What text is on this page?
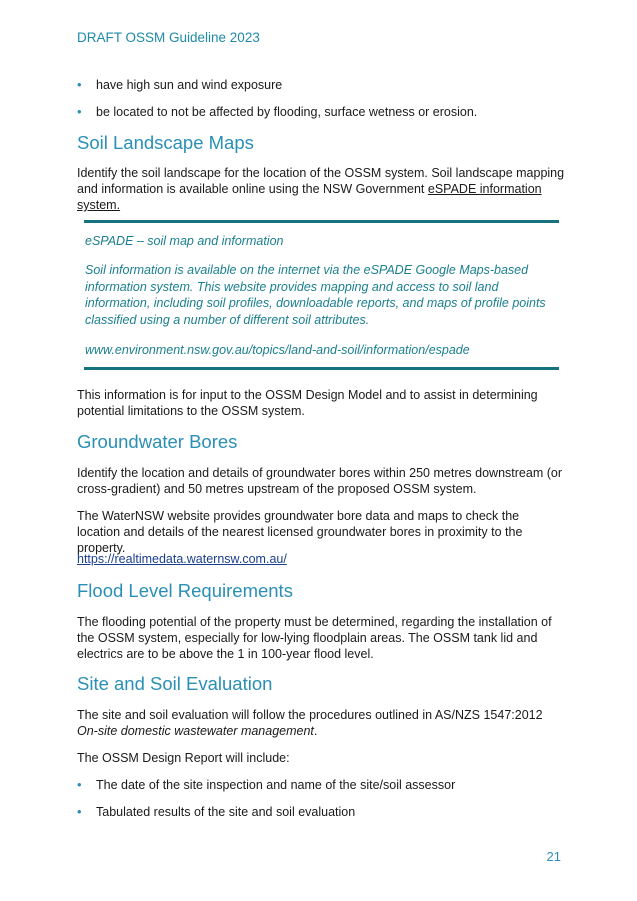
DRAFT OSSM Guideline 2023
• have high sun and wind exposure
• be located to not be affected by flooding, surface wetness or erosion.
Soil Landscape Maps

Identify the soil landscape for the location of the OSSM system. Soil landscape mapping and information is available online using the NSW Government eSPADE information system.

eSPADE – soil map and information

Soil information is available on the internet via the eSPADE Google Maps-based information system. This website provides mapping and access to soil land information, including soil profiles, downloadable reports, and maps of profile points classified using a number of different soil attributes.

www.environment.nsw.gov.au/topics/land-and-soil/information/espade

This information is for input to the OSSM Design Model and to assist in determining potential limitations to the OSSM system.

Groundwater Bores

Identify the location and details of groundwater bores within 250 metres downstream (or cross-gradient) and 50 metres upstream of the proposed OSSM system.

The WaterNSW website provides groundwater bore data and maps to check the location and details of the nearest licensed groundwater bores in proximity to the property.

https://realtimedata.waternsw.com.au/

Flood Level Requirements

The flooding potential of the property must be determined, regarding the installation of the OSSM system, especially for low-lying floodplain areas. The OSSM tank lid and electrics are to be above the 1 in 100-year flood level.

Site and Soil Evaluation

The site and soil evaluation will follow the procedures outlined in AS/NZS 1547:2012 On-site domestic wastewater management.

The OSSM Design Report will include:

• The date of the site inspection and name of the site/soil assessor
• Tabulated results of the site and soil evaluation
21
